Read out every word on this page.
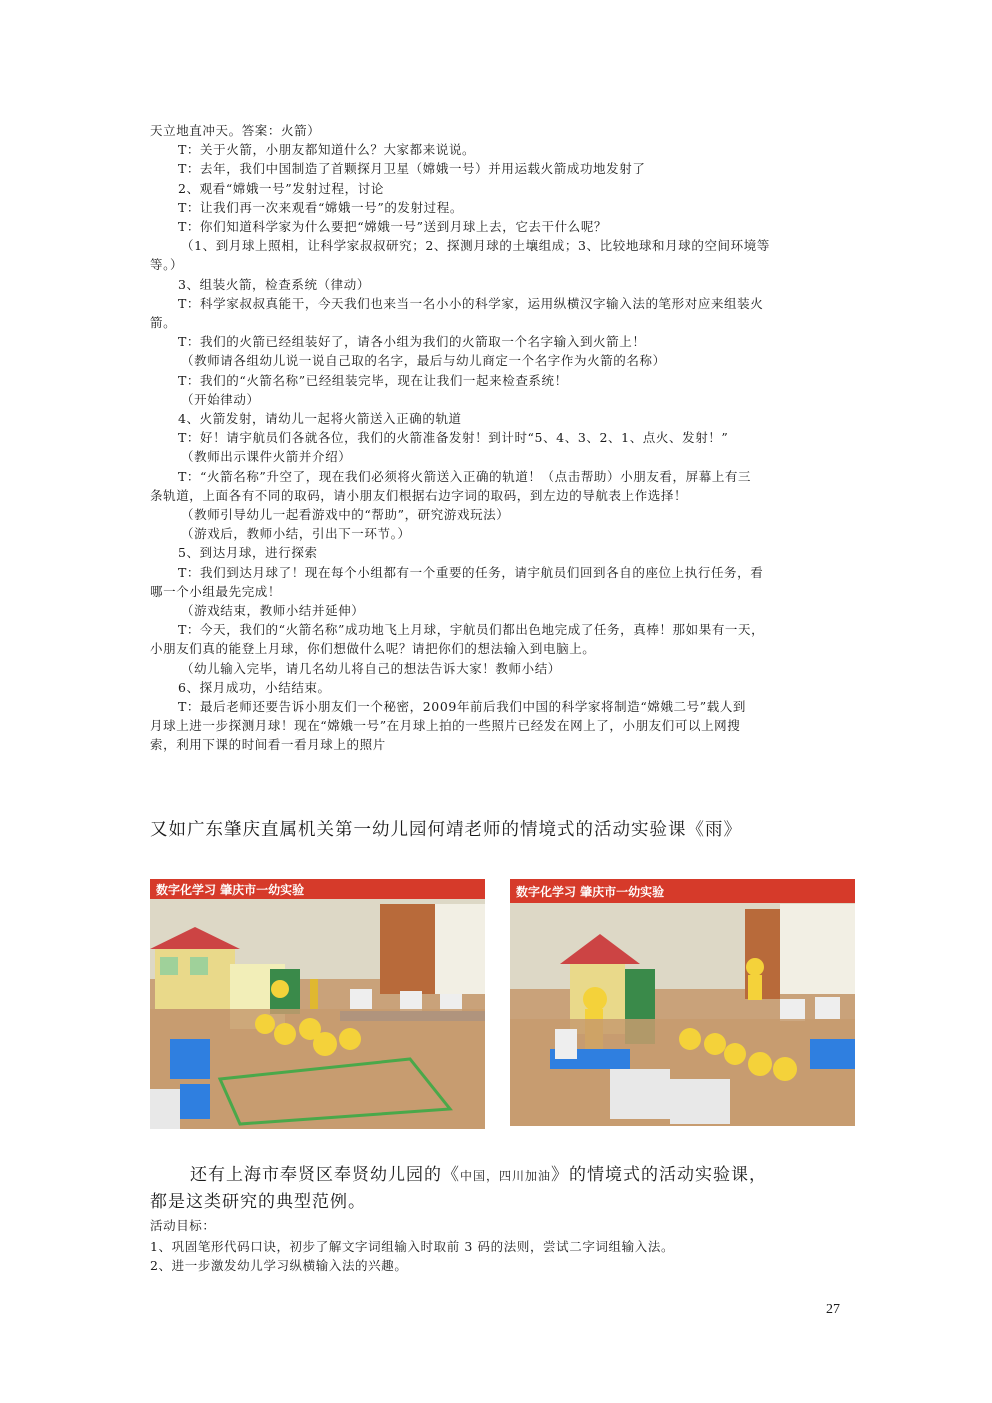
天立地直冲天。答案：火箭）
T：关于火箭，小朋友都知道什么？大家都来说说。
T：去年，我们中国制造了首颗探月卫星（嫦娥一号）并用运载火箭成功地发射了
2、观看“嫦娥一号”发射过程，讨论
T：让我们再一次来观看“嫦娥一号”的发射过程。
T：你们知道科学家为什么要把“嫦娥一号”送到月球上去，它去干什么呢？
（1、到月球上照相，让科学家叔叔研究；2、探测月球的土壤组成；3、比较地球和月球的空间环境等
等。）
3、组装火箭，检查系统（律动）
T：科学家叔叔真能干，今天我们也来当一名小小的科学家，运用纵横汉字输入法的笔形对应来组装火
箭。
T：我们的火箭已经组装好了，请各小组为我们的火箭取一个名字输入到火箭上！
（教师请各组幼儿说一说自己取的名字，最后与幼儿商定一个名字作为火箭的名称）
T：我们的“火箭名称”已经组装完毕，现在让我们一起来检查系统！
（开始律动）
4、火箭发射，请幼儿一起将火箭送入正确的轨道
T：好！请宇航员们各就各位，我们的火箭准备发射！到计时“5、4、3、2、1、点火、发射！”
（教师出示课件火箭并介绍）
T：“火箭名称”升空了，现在我们必须将火箭送入正确的轨道！（点击帮助）小朋友看，屏幕上有三
条轨道，上面各有不同的取码，请小朋友们根据右边字词的取码，到左边的导航表上作选择！
（教师引导幼儿一起看游戏中的“帮助”，研究游戏玩法）
（游戏后，教师小结，引出下一环节。）
5、到达月球，进行探索
T：我们到达月球了！现在每个小组都有一个重要的任务，请宇航员们回到各自的座位上执行任务，看
哪一个小组最先完成！
（游戏结束，教师小结并延伸）
T：今天，我们的“火箭名称”成功地飞上月球，宇航员们都出色地完成了任务，真棒！那如果有一天，
小朋友们真的能登上月球，你们想做什么呢？请把你们的想法输入到电脑上。
（幼儿输入完毕，请几名幼儿将自己的想法告诉大家！教师小结）
6、探月成功，小结结束。
T：最后老师还要告诉小朋友们一个秘密，2009年前后我们中国的科学家将制造“嫦娥二号”载人到
月球上进一步探测月球！现在“嫦娥一号”在月球上拍的一些照片已经发在网上了，小朋友们可以上网搜
索，利用下课的时间看一看月球上的照片
又如广东肇庆直属机关第一幼儿园何靖老师的情境式的活动实验课《雨》
数字化学习 肇庆市一幼实验	数字化学习 肇庆市一幼实验
还有上海市奉贤区奉贤幼儿园的《中国，四川加油》的情境式的活动实验课，
都是这类研究的典型范例。
活动目标：
1、巩固笔形代码口诀，初步了解文字词组输入时取前 3 码的法则，尝试二字词组输入法。
2、进一步激发幼儿学习纵横输入法的兴趣。
27
